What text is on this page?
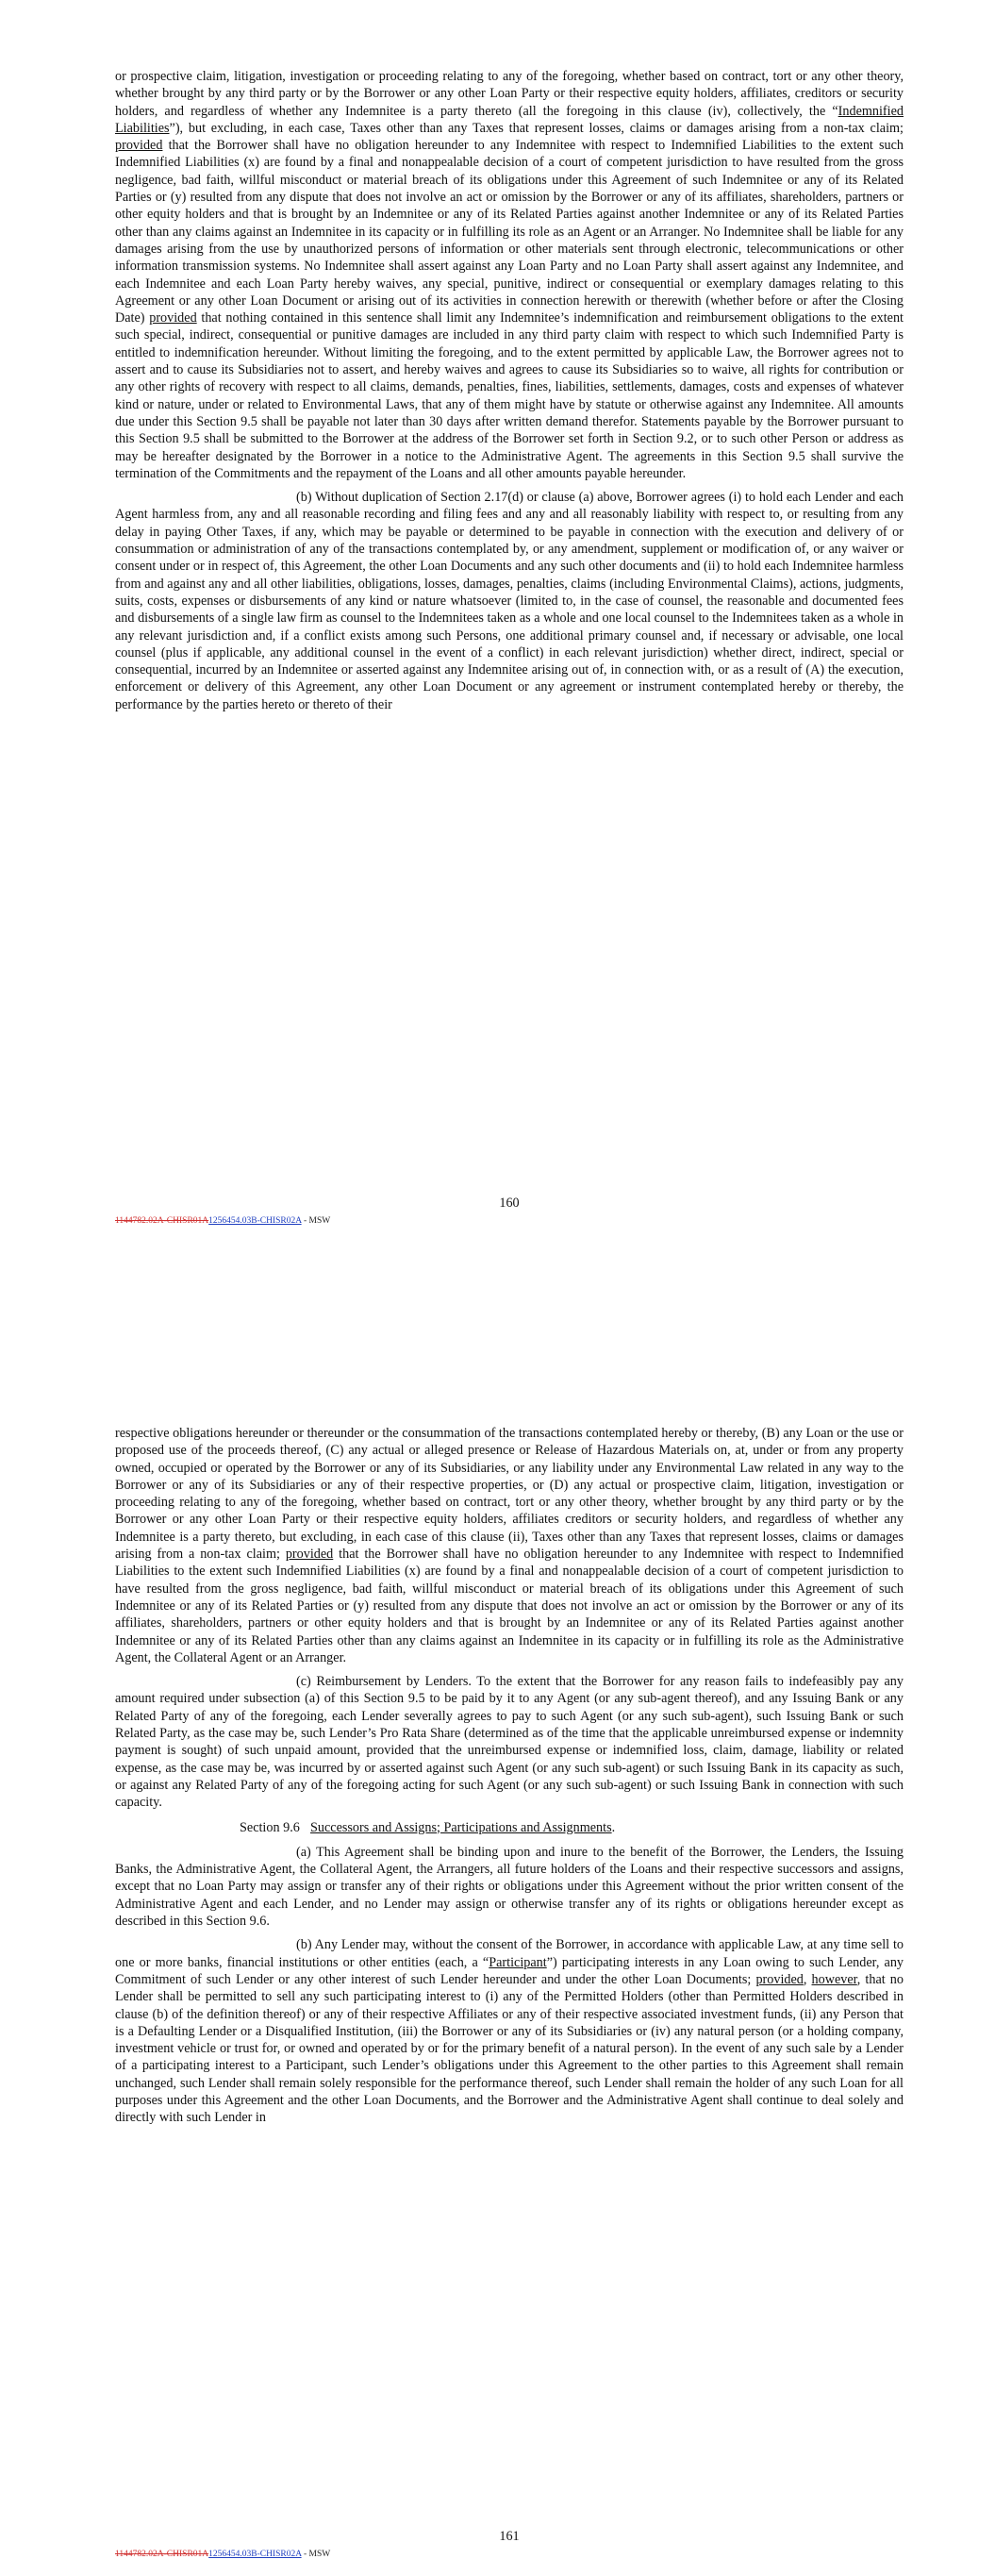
or prospective claim, litigation, investigation or proceeding relating to any of the foregoing, whether based on contract, tort or any other theory, whether brought by any third party or by the Borrower or any other Loan Party or their respective equity holders, affiliates, creditors or security holders, and regardless of whether any Indemnitee is a party thereto (all the foregoing in this clause (iv), collectively, the “Indemnified Liabilities”), but excluding, in each case, Taxes other than any Taxes that represent losses, claims or damages arising from a non-tax claim; provided that the Borrower shall have no obligation hereunder to any Indemnitee with respect to Indemnified Liabilities to the extent such Indemnified Liabilities (x) are found by a final and nonappealable decision of a court of competent jurisdiction to have resulted from the gross negligence, bad faith, willful misconduct or material breach of its obligations under this Agreement of such Indemnitee or any of its Related Parties or (y) resulted from any dispute that does not involve an act or omission by the Borrower or any of its affiliates, shareholders, partners or other equity holders and that is brought by an Indemnitee or any of its Related Parties against another Indemnitee or any of its Related Parties other than any claims against an Indemnitee in its capacity or in fulfilling its role as an Agent or an Arranger. No Indemnitee shall be liable for any damages arising from the use by unauthorized persons of information or other materials sent through electronic, telecommunications or other information transmission systems. No Indemnitee shall assert against any Loan Party and no Loan Party shall assert against any Indemnitee, and each Indemnitee and each Loan Party hereby waives, any special, punitive, indirect or consequential or exemplary damages relating to this Agreement or any other Loan Document or arising out of its activities in connection herewith or therewith (whether before or after the Closing Date) provided that nothing contained in this sentence shall limit any Indemnitee’s indemnification and reimbursement obligations to the extent such special, indirect, consequential or punitive damages are included in any third party claim with respect to which such Indemnified Party is entitled to indemnification hereunder. Without limiting the foregoing, and to the extent permitted by applicable Law, the Borrower agrees not to assert and to cause its Subsidiaries not to assert, and hereby waives and agrees to cause its Subsidiaries so to waive, all rights for contribution or any other rights of recovery with respect to all claims, demands, penalties, fines, liabilities, settlements, damages, costs and expenses of whatever kind or nature, under or related to Environmental Laws, that any of them might have by statute or otherwise against any Indemnitee. All amounts due under this Section 9.5 shall be payable not later than 30 days after written demand therefor. Statements payable by the Borrower pursuant to this Section 9.5 shall be submitted to the Borrower at the address of the Borrower set forth in Section 9.2, or to such other Person or address as may be hereafter designated by the Borrower in a notice to the Administrative Agent. The agreements in this Section 9.5 shall survive the termination of the Commitments and the repayment of the Loans and all other amounts payable hereunder.

(b) Without duplication of Section 2.17(d) or clause (a) above, Borrower agrees (i) to hold each Lender and each Agent harmless from, any and all reasonable recording and filing fees and any and all reasonably liability with respect to, or resulting from any delay in paying Other Taxes, if any, which may be payable or determined to be payable in connection with the execution and delivery of or consummation or administration of any of the transactions contemplated by, or any amendment, supplement or modification of, or any waiver or consent under or in respect of, this Agreement, the other Loan Documents and any such other documents and (ii) to hold each Indemnitee harmless from and against any and all other liabilities, obligations, losses, damages, penalties, claims (including Environmental Claims), actions, judgments, suits, costs, expenses or disbursements of any kind or nature whatsoever (limited to, in the case of counsel, the reasonable and documented fees and disbursements of a single law firm as counsel to the Indemnitees taken as a whole and one local counsel to the Indemnitees taken as a whole in any relevant jurisdiction and, if a conflict exists among such Persons, one additional primary counsel and, if necessary or advisable, one local counsel (plus if applicable, any additional counsel in the event of a conflict) in each relevant jurisdiction) whether direct, indirect, special or consequential, incurred by an Indemnitee or asserted against any Indemnitee arising out of, in connection with, or as a result of (A) the execution, enforcement or delivery of this Agreement, any other Loan Document or any agreement or instrument contemplated hereby or thereby, the performance by the parties hereto or thereto of their

160
1144782.02A-CHISR01A1256454.03B-CHISR02A - MSW

respective obligations hereunder or thereunder or the consummation of the transactions contemplated hereby or thereby, (B) any Loan or the use or proposed use of the proceeds thereof, (C) any actual or alleged presence or Release of Hazardous Materials on, at, under or from any property owned, occupied or operated by the Borrower or any of its Subsidiaries, or any liability under any Environmental Law related in any way to the Borrower or any of its Subsidiaries or any of their respective properties, or (D) any actual or prospective claim, litigation, investigation or proceeding relating to any of the foregoing, whether based on contract, tort or any other theory, whether brought by any third party or by the Borrower or any other Loan Party or their respective equity holders, affiliates creditors or security holders, and regardless of whether any Indemnitee is a party thereto, but excluding, in each case of this clause (ii), Taxes other than any Taxes that represent losses, claims or damages arising from a non-tax claim; provided that the Borrower shall have no obligation hereunder to any Indemnitee with respect to Indemnified Liabilities to the extent such Indemnified Liabilities (x) are found by a final and nonappealable decision of a court of competent jurisdiction to have resulted from the gross negligence, bad faith, willful misconduct or material breach of its obligations under this Agreement of such Indemnitee or any of its Related Parties or (y) resulted from any dispute that does not involve an act or omission by the Borrower or any of its affiliates, shareholders, partners or other equity holders and that is brought by an Indemnitee or any of its Related Parties against another Indemnitee or any of its Related Parties other than any claims against an Indemnitee in its capacity or in fulfilling its role as the Administrative Agent, the Collateral Agent or an Arranger.

(c) Reimbursement by Lenders. To the extent that the Borrower for any reason fails to indefeasibly pay any amount required under subsection (a) of this Section 9.5 to be paid by it to any Agent (or any sub-agent thereof), and any Issuing Bank or any Related Party of any of the foregoing, each Lender severally agrees to pay to such Agent (or any such sub-agent), such Issuing Bank or such Related Party, as the case may be, such Lender’s Pro Rata Share (determined as of the time that the applicable unreimbursed expense or indemnity payment is sought) of such unpaid amount, provided that the unreimbursed expense or indemnified loss, claim, damage, liability or related expense, as the case may be, was incurred by or asserted against such Agent (or any such sub-agent) or such Issuing Bank in its capacity as such, or against any Related Party of any of the foregoing acting for such Agent (or any such sub-agent) or such Issuing Bank in connection with such capacity.

Section 9.6 Successors and Assigns; Participations and Assignments.

(a) This Agreement shall be binding upon and inure to the benefit of the Borrower, the Lenders, the Issuing Banks, the Administrative Agent, the Collateral Agent, the Arrangers, all future holders of the Loans and their respective successors and assigns, except that no Loan Party may assign or transfer any of their rights or obligations under this Agreement without the prior written consent of the Administrative Agent and each Lender, and no Lender may assign or otherwise transfer any of its rights or obligations hereunder except as described in this Section 9.6.

(b) Any Lender may, without the consent of the Borrower, in accordance with applicable Law, at any time sell to one or more banks, financial institutions or other entities (each, a “Participant”) participating interests in any Loan owing to such Lender, any Commitment of such Lender or any other interest of such Lender hereunder and under the other Loan Documents; provided, however, that no Lender shall be permitted to sell any such participating interest to (i) any of the Permitted Holders (other than Permitted Holders described in clause (b) of the definition thereof) or any of their respective Affiliates or any of their respective associated investment funds, (ii) any Person that is a Defaulting Lender or a Disqualified Institution, (iii) the Borrower or any of its Subsidiaries or (iv) any natural person (or a holding company, investment vehicle or trust for, or owned and operated by or for the primary benefit of a natural person). In the event of any such sale by a Lender of a participating interest to a Participant, such Lender’s obligations under this Agreement to the other parties to this Agreement shall remain unchanged, such Lender shall remain solely responsible for the performance thereof, such Lender shall remain the holder of any such Loan for all purposes under this Agreement and the other Loan Documents, and the Borrower and the Administrative Agent shall continue to deal solely and directly with such Lender in

161
1144782.02A-CHISR01A1256454.03B-CHISR02A - MSW
